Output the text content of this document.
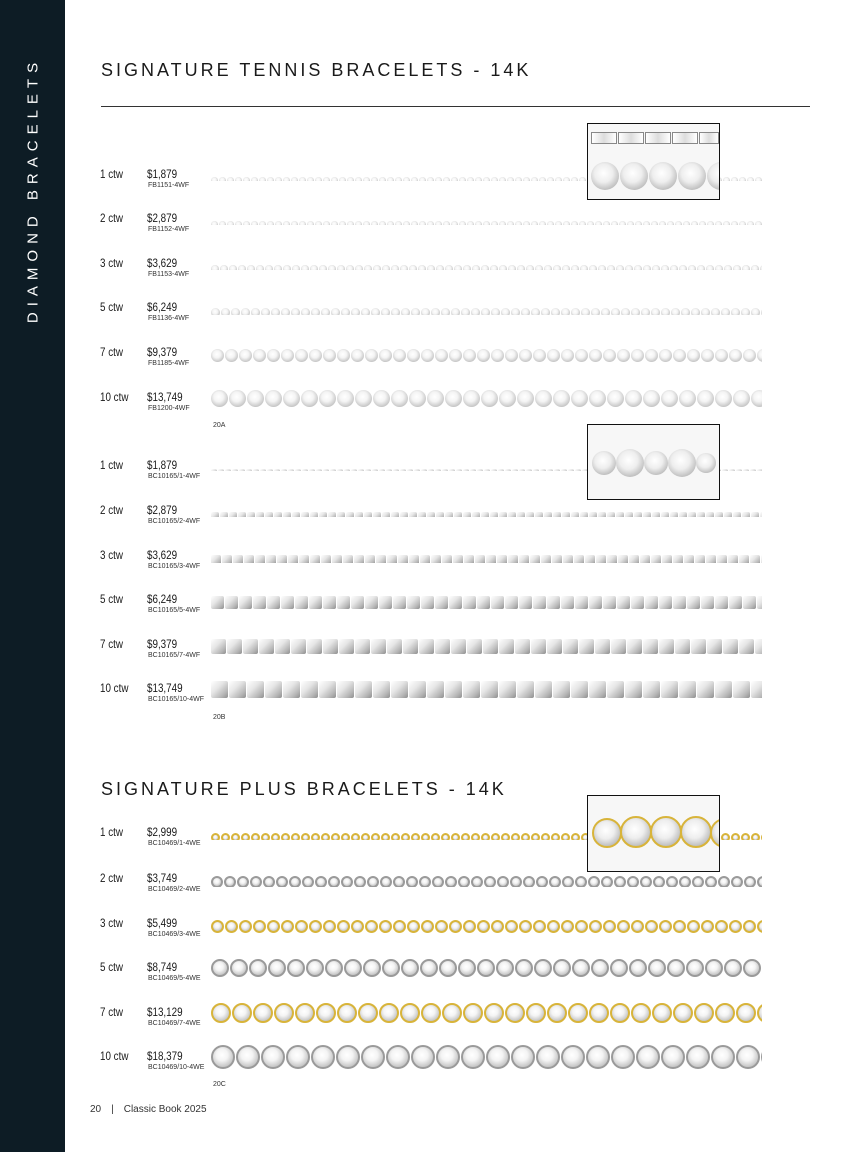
DIAMOND BRACELETS	SIGNATURE TENNIS BRACELETS - 14K
SIGNATURE PLUS BRACELETS - 14K
1 ctw $1,879
FB1151-4WF
2 ctw $2,879
FB1152-4WF
3 ctw $3,629
FB1153-4WF
5 ctw $6,249
FB1136-4WF
7 ctw $9,379
FB1185-4WF
10 ctw $13,749
FB1200-4WF
20A
1 ctw $1,879
BC10165/1-4WF
2 ctw $2,879
BC10165/2-4WF
3 ctw $3,629
BC10165/3-4WF
5 ctw $6,249
BC10165/5-4WF
7 ctw $9,379
BC10165/7-4WF
10 ctw $13,749
BC10165/10-4WF
20B
1 ctw $2,999
BC10469/1-4WE
2 ctw $3,749
BC10469/2-4WE
3 ctw $5,499
BC10469/3-4WE
5 ctw $8,749
BC10469/5-4WE
7 ctw $13,129
BC10469/7-4WE
10 ctw $18,379
BC10469/10-4WE
20C
20 | Classic Book 2025
